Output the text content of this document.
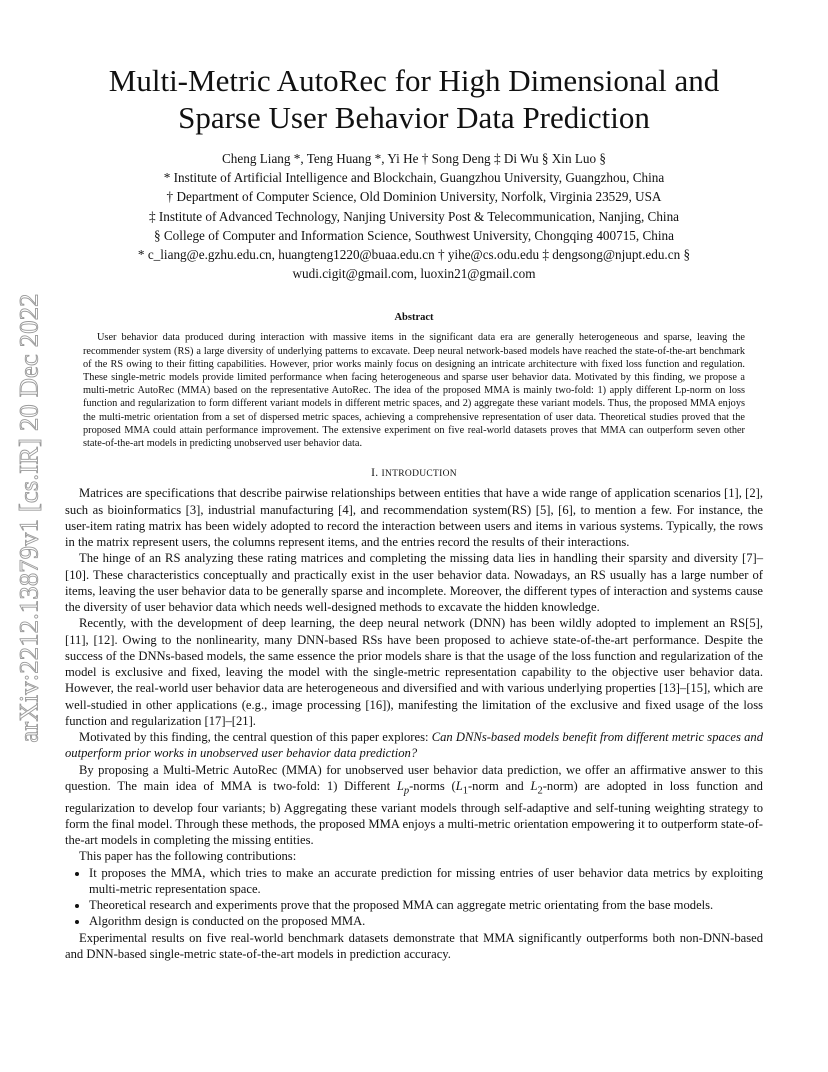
arXiv:2212.13879v1 [cs.IR] 20 Dec 2022
Multi-Metric AutoRec for High Dimensional and
Sparse User Behavior Data Prediction
Cheng Liang *, Teng Huang *, Yi He † Song Deng ‡ Di Wu § Xin Luo §
* Institute of Artificial Intelligence and Blockchain, Guangzhou University, Guangzhou, China
† Department of Computer Science, Old Dominion University, Norfolk, Virginia 23529, USA
‡ Institute of Advanced Technology, Nanjing University Post & Telecommunication, Nanjing, China
§ College of Computer and Information Science, Southwest University, Chongqing 400715, China
* c_liang@e.gzhu.edu.cn, huangteng1220@buaa.edu.cn † yihe@cs.odu.edu ‡ dengsong@njupt.edu.cn §
wudi.cigit@gmail.com, luoxin21@gmail.com
Abstract
User behavior data produced during interaction with massive items in the significant data era are generally heterogeneous and sparse, leaving the recommender system (RS) a large diversity of underlying patterns to excavate. Deep neural network-based models have reached the state-of-the-art benchmark of the RS owing to their fitting capabilities. However, prior works mainly focus on designing an intricate architecture with fixed loss function and regulation. These single-metric models provide limited performance when facing heterogeneous and sparse user behavior data. Motivated by this finding, we propose a multi-metric AutoRec (MMA) based on the representative AutoRec. The idea of the proposed MMA is mainly two-fold: 1) apply different Lp-norm on loss function and regularization to form different variant models in different metric spaces, and 2) aggregate these variant models. Thus, the proposed MMA enjoys the multi-metric orientation from a set of dispersed metric spaces, achieving a comprehensive representation of user data. Theoretical studies proved that the proposed MMA could attain performance improvement. The extensive experiment on five real-world datasets proves that MMA can outperform seven other state-of-the-art models in predicting unobserved user behavior data.
I. INTRODUCTION

Matrices are specifications that describe pairwise relationships between entities that have a wide range of application scenarios [1], [2], such as bioinformatics [3], industrial manufacturing [4], and recommendation system(RS) [5], [6], to mention a few. For instance, the user-item rating matrix has been widely adopted to record the interaction between users and items in various systems. Typically, the rows in the matrix represent users, the columns represent items, and the entries record the results of their interactions.

The hinge of an RS analyzing these rating matrices and completing the missing data lies in handling their sparsity and diversity [7]–[10]. These characteristics conceptually and practically exist in the user behavior data. Nowadays, an RS usually has a large number of items, leaving the user behavior data to be generally sparse and incomplete. Moreover, the different types of interaction and systems cause the diversity of user behavior data which needs well-designed methods to excavate the hidden knowledge.

Recently, with the development of deep learning, the deep neural network (DNN) has been wildly adopted to implement an RS[5], [11], [12]. Owing to the nonlinearity, many DNN-based RSs have been proposed to achieve state-of-the-art performance. Despite the success of the DNNs-based models, the same essence the prior models share is that the usage of the loss function and regularization of the model is exclusive and fixed, leaving the model with the single-metric representation capability to the objective user behavior data. However, the real-world user behavior data are heterogeneous and diversified and with various underlying properties [13]–[15], which are well-studied in other applications (e.g., image processing [16]), manifesting the limitation of the exclusive and fixed usage of the loss function and regularization [17]–[21].

Motivated by this finding, the central question of this paper explores: Can DNNs-based models benefit from different metric spaces and outperform prior works in unobserved user behavior data prediction?

By proposing a Multi-Metric AutoRec (MMA) for unobserved user behavior data prediction, we offer an affirmative answer to this question. The main idea of MMA is two-fold: 1) Different $L_p$-norms ($L_1$-norm and $L_2-norm$) are adopted in loss function and regularization to develop four variants; b) Aggregating these variant models through self-adaptive and self-tuning weighting strategy to form the final model. Through these methods, the proposed MMA enjoys a multi-metric orientation empowering it to outperform state-of-the-art models in completing the missing entities.

This paper has the following contributions:

• It proposes the MMA, which tries to make an accurate prediction for missing entries of user behavior data metrics by exploiting multi-metric representation space.
• Theoretical research and experiments prove that the proposed MMA can aggregate metric orientating from the base models.
• Algorithm design is conducted on the proposed MMA.

Experimental results on five real-world benchmark datasets demonstrate that MMA significantly outperforms both non-DNN-based and DNN-based single-metric state-of-the-art models in prediction accuracy.
